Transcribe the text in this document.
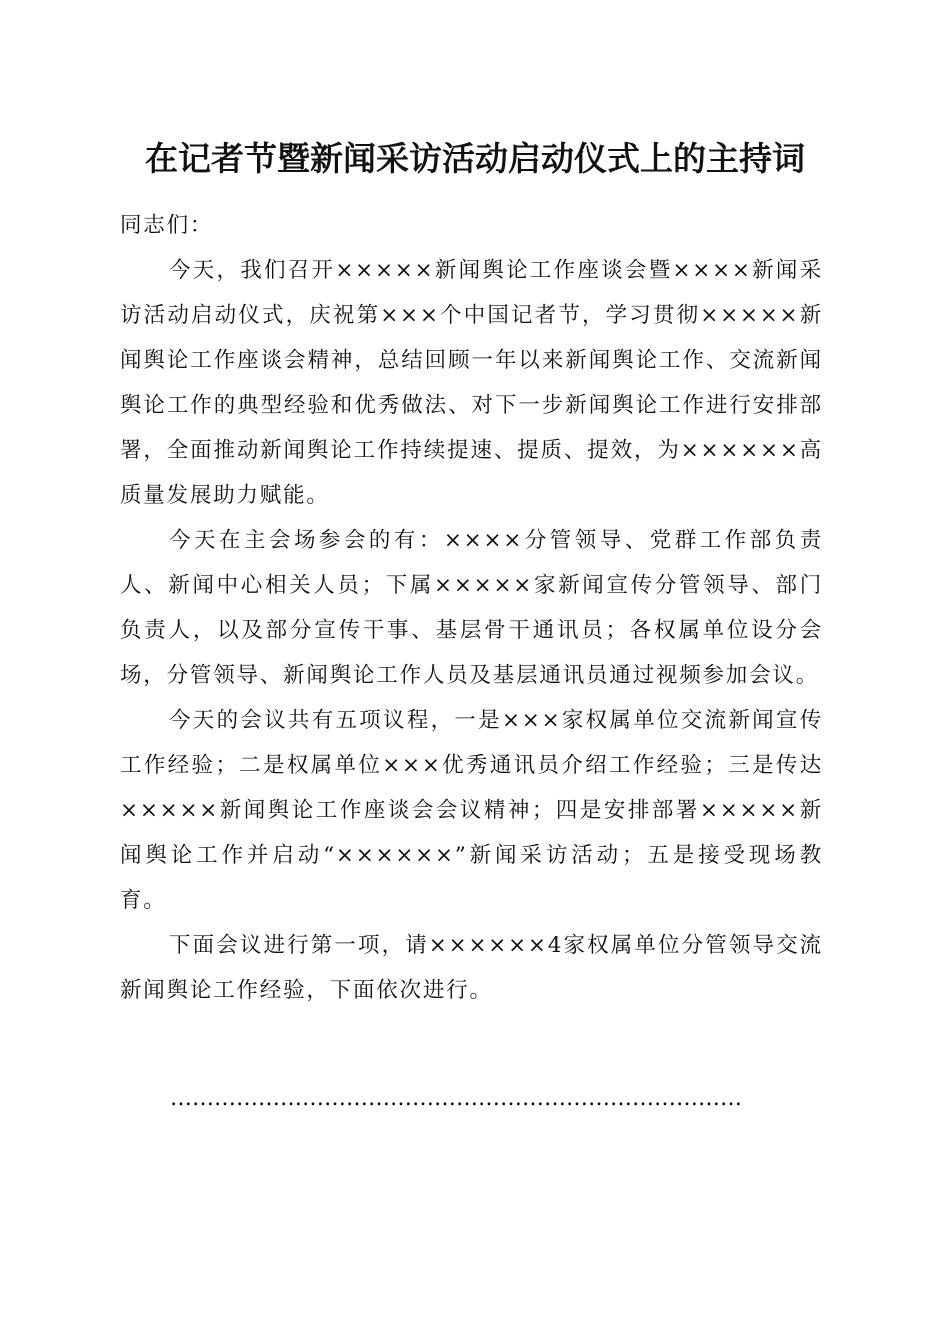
在记者节暨新闻采访活动启动仪式上的主持词

同志们：

今天，我们召开×××××新闻舆论工作座谈会暨××××新闻采访活动启动仪式，庆祝第×××个中国记者节，学习贯彻×××××新闻舆论工作座谈会精神，总结回顾一年以来新闻舆论工作、交流新闻舆论工作的典型经验和优秀做法、对下一步新闻舆论工作进行安排部署，全面推动新闻舆论工作持续提速、提质、提效，为××××××高质量发展助力赋能。

今天在主会场参会的有：××××分管领导、党群工作部负责人、新闻中心相关人员；下属×××××家新闻宣传分管领导、部门负责人，以及部分宣传干事、基层骨干通讯员；各权属单位设分会场，分管领导、新闻舆论工作人员及基层通讯员通过视频参加会议。

今天的会议共有五项议程，一是×××家权属单位交流新闻宣传工作经验；二是权属单位×××优秀通讯员介绍工作经验；三是传达×××××新闻舆论工作座谈会会议精神；四是安排部署×××××新闻舆论工作并启动“××××××”新闻采访活动；五是接受现场教育。

下面会议进行第一项，请××××××4家权属单位分管领导交流新闻舆论工作经验，下面依次进行。

……………………………………………………………………
